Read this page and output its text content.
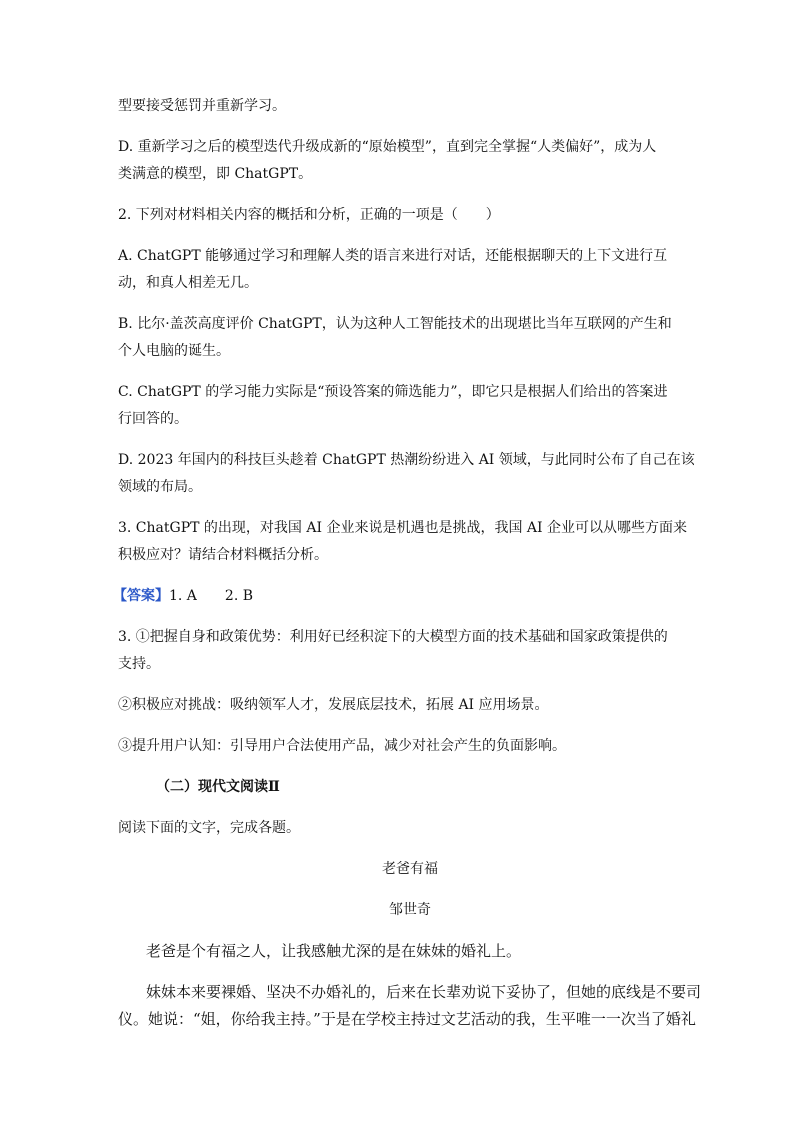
型要接受惩罚并重新学习。
D. 重新学习之后的模型迭代升级成新的“原始模型”，直到完全掌握“人类偏好”，成为人
类满意的模型，即 ChatGPT。
2. 下列对材料相关内容的概括和分析，正确的一项是（　　）
A. ChatGPT 能够通过学习和理解人类的语言来进行对话，还能根据聊天的上下文进行互
动，和真人相差无几。
B. 比尔·盖茨高度评价 ChatGPT，认为这种人工智能技术的出现堪比当年互联网的产生和
个人电脑的诞生。
C. ChatGPT 的学习能力实际是“预设答案的筛选能力”，即它只是根据人们给出的答案进
行回答的。
D. 2023 年国内的科技巨头趁着 ChatGPT 热潮纷纷进入 AI 领域，与此同时公布了自己在该
领域的布局。
3. ChatGPT 的出现，对我国 AI 企业来说是机遇也是挑战，我国 AI 企业可以从哪些方面来
积极应对？请结合材料概括分析。
【答案】1. A　　2. B
3. ①把握自身和政策优势：利用好已经积淀下的大模型方面的技术基础和国家政策提供的
支持。
②积极应对挑战：吸纳领军人才，发展底层技术，拓展 AI 应用场景。
③提升用户认知：引导用户合法使用产品，减少对社会产生的负面影响。
（二）现代文阅读Ⅱ
阅读下面的文字，完成各题。
老爸有福
邹世奇
老爸是个有福之人，让我感触尤深的是在妹妹的婚礼上。
妹妹本来要裸婚、坚决不办婚礼的，后来在长辈劝说下妥协了，但她的底线是不要司
仪。她说：“姐，你给我主持。”于是在学校主持过文艺活动的我，生平唯一一次当了婚礼
